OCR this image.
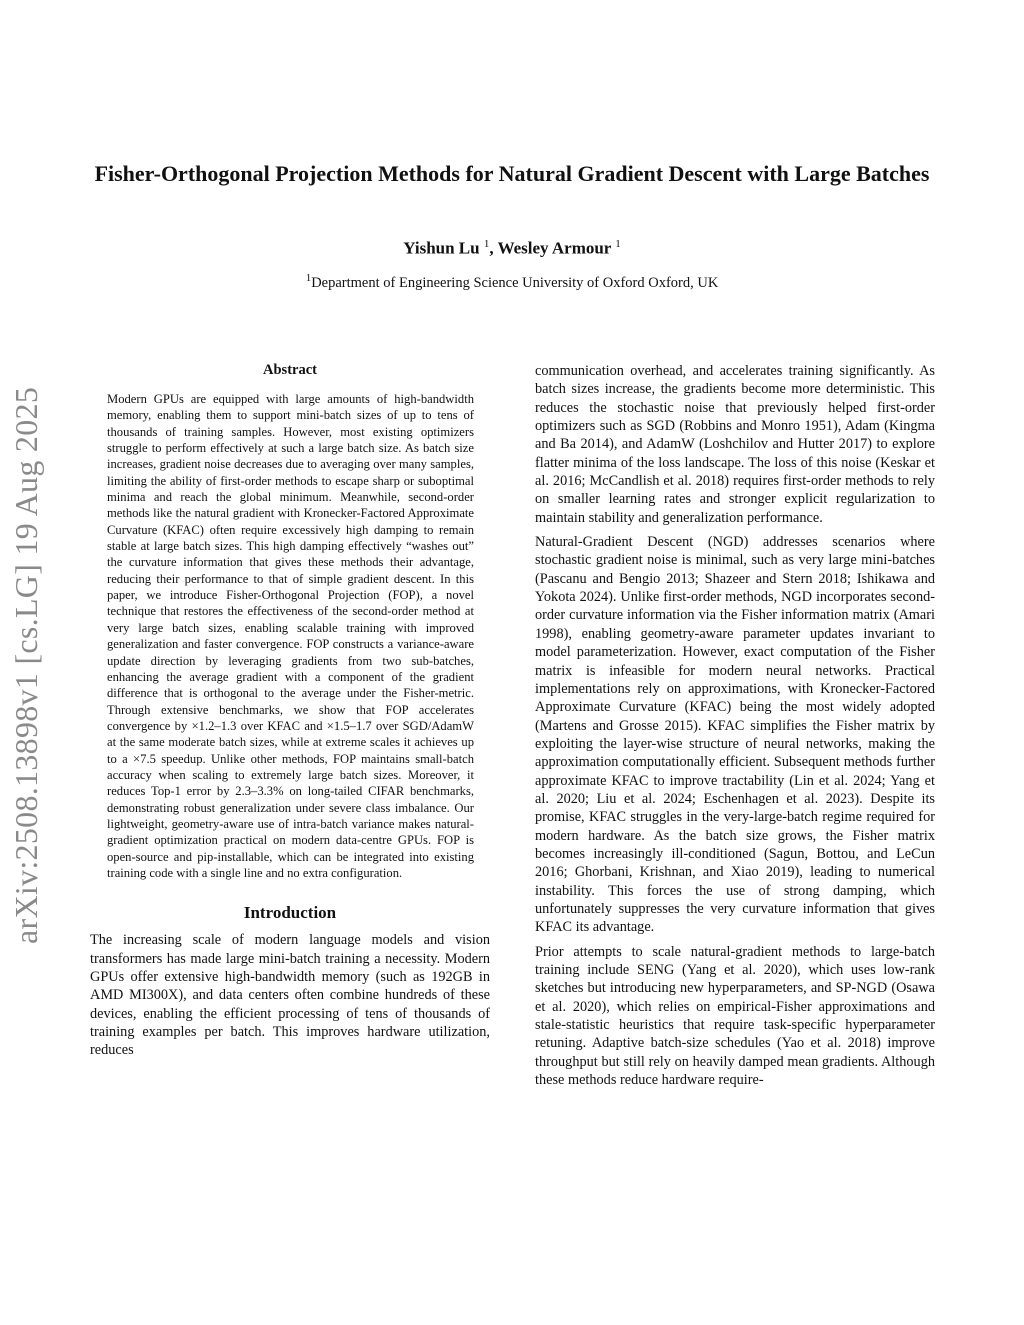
arXiv:2508.13898v1 [cs.LG] 19 Aug 2025
Fisher-Orthogonal Projection Methods for Natural Gradient Descent with Large Batches
Yishun Lu $^1$, Wesley Armour $^1$
$^1$Department of Engineering Science University of Oxford Oxford, UK
Abstract

Modern GPUs are equipped with large amounts of high-bandwidth memory, enabling them to support mini-batch sizes of up to tens of thousands of training samples. However, most existing optimizers struggle to perform effectively at such a large batch size. As batch size increases, gradient noise decreases due to averaging over many samples, limiting the ability of first-order methods to escape sharp or suboptimal minima and reach the global minimum. Meanwhile, second-order methods like the natural gradient with Kronecker-Factored Approximate Curvature (KFAC) often require excessively high damping to remain stable at large batch sizes. This high damping effectively “washes out” the curvature information that gives these methods their advantage, reducing their performance to that of simple gradient descent. In this paper, we introduce Fisher-Orthogonal Projection (FOP), a novel technique that restores the effectiveness of the second-order method at very large batch sizes, enabling scalable training with improved generalization and faster convergence. FOP constructs a variance-aware update direction by leveraging gradients from two sub-batches, enhancing the average gradient with a component of the gradient difference that is orthogonal to the average under the Fisher-metric. Through extensive benchmarks, we show that FOP accelerates convergence by ×1.2–1.3 over KFAC and ×1.5–1.7 over SGD/AdamW at the same moderate batch sizes, while at extreme scales it achieves up to a ×7.5 speedup. Unlike other methods, FOP maintains small-batch accuracy when scaling to extremely large batch sizes. Moreover, it reduces Top-1 error by 2.3–3.3% on long-tailed CIFAR benchmarks, demonstrating robust generalization under severe class imbalance. Our lightweight, geometry-aware use of intra-batch variance makes natural-gradient optimization practical on modern data-centre GPUs. FOP is open-source and pip-installable, which can be integrated into existing training code with a single line and no extra configuration.

Introduction

The increasing scale of modern language models and vision transformers has made large mini-batch training a necessity. Modern GPUs offer extensive high-bandwidth memory (such as 192GB in AMD MI300X), and data centers often combine hundreds of these devices, enabling the efficient processing of tens of thousands of training examples per batch. This improves hardware utilization, reduces

communication overhead, and accelerates training significantly. As batch sizes increase, the gradients become more deterministic. This reduces the stochastic noise that previously helped first-order optimizers such as SGD (Robbins and Monro 1951), Adam (Kingma and Ba 2014), and AdamW (Loshchilov and Hutter 2017) to explore flatter minima of the loss landscape. The loss of this noise (Keskar et al. 2016; McCandlish et al. 2018) requires first-order methods to rely on smaller learning rates and stronger explicit regularization to maintain stability and generalization performance.

Natural-Gradient Descent (NGD) addresses scenarios where stochastic gradient noise is minimal, such as very large mini-batches (Pascanu and Bengio 2013; Shazeer and Stern 2018; Ishikawa and Yokota 2024). Unlike first-order methods, NGD incorporates second-order curvature information via the Fisher information matrix (Amari 1998), enabling geometry-aware parameter updates invariant to model parameterization. However, exact computation of the Fisher matrix is infeasible for modern neural networks. Practical implementations rely on approximations, with Kronecker-Factored Approximate Curvature (KFAC) being the most widely adopted (Martens and Grosse 2015). KFAC simplifies the Fisher matrix by exploiting the layer-wise structure of neural networks, making the approximation computationally efficient. Subsequent methods further approximate KFAC to improve tractability (Lin et al. 2024; Yang et al. 2020; Liu et al. 2024; Eschenhagen et al. 2023). Despite its promise, KFAC struggles in the very-large-batch regime required for modern hardware. As the batch size grows, the Fisher matrix becomes increasingly ill-conditioned (Sagun, Bottou, and LeCun 2016; Ghorbani, Krishnan, and Xiao 2019), leading to numerical instability. This forces the use of strong damping, which unfortunately suppresses the very curvature information that gives KFAC its advantage.

Prior attempts to scale natural-gradient methods to large-batch training include SENG (Yang et al. 2020), which uses low-rank sketches but introducing new hyperparameters, and SP-NGD (Osawa et al. 2020), which relies on empirical-Fisher approximations and stale-statistic heuristics that require task-specific hyperparameter retuning. Adaptive batch-size schedules (Yao et al. 2018) improve throughput but still rely on heavily damped mean gradients. Although these methods reduce hardware require-
